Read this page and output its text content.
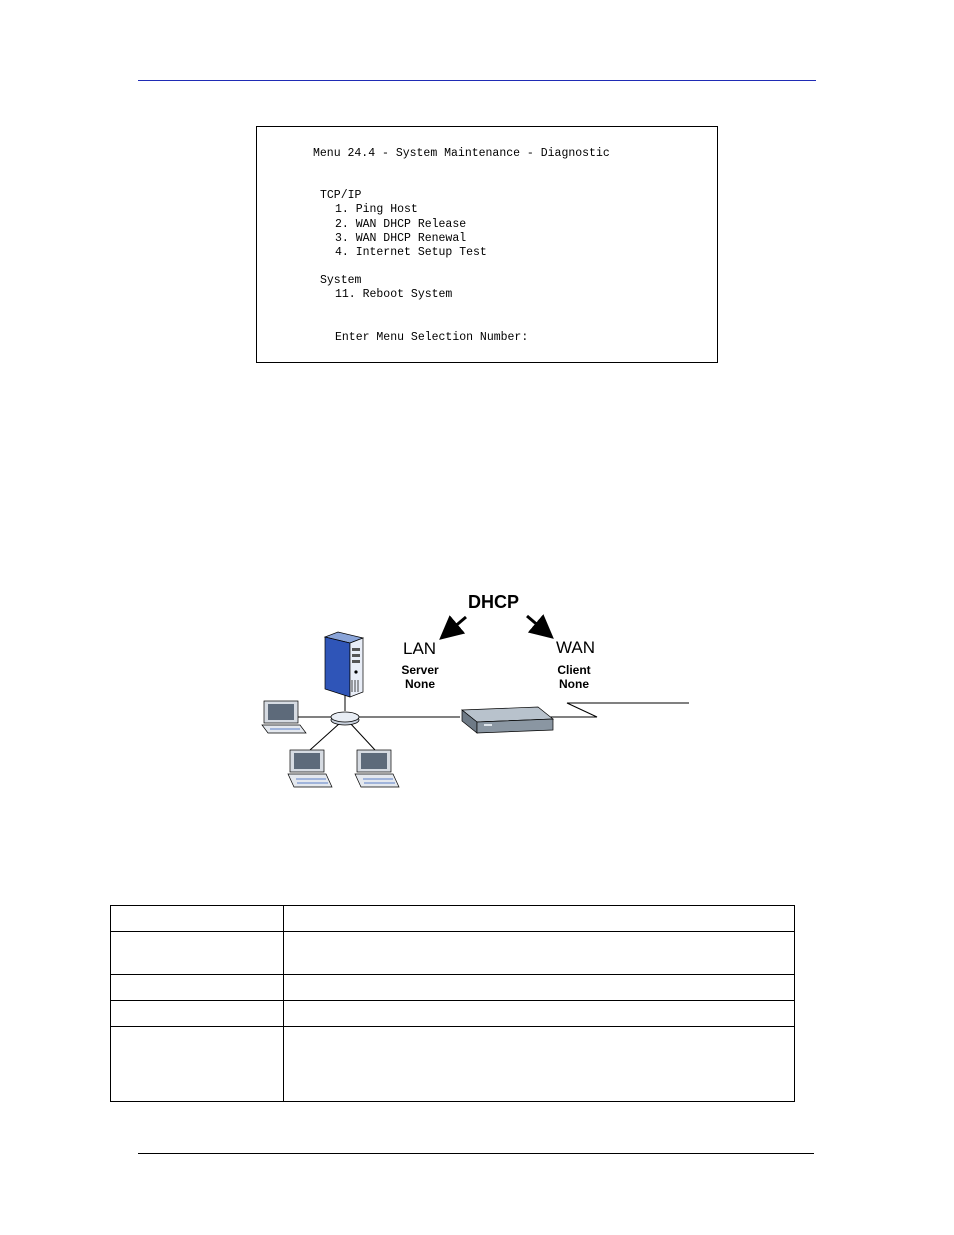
Menu 24.4 - System Maintenance - Diagnostic
TCP/IP
1. Ping Host
2. WAN DHCP Release
3. WAN DHCP Renewal
4. Internet Setup Test
System
11. Reboot System
Enter Menu Selection Number:
DHCP
LAN	WAN
Server
None
Client
None
